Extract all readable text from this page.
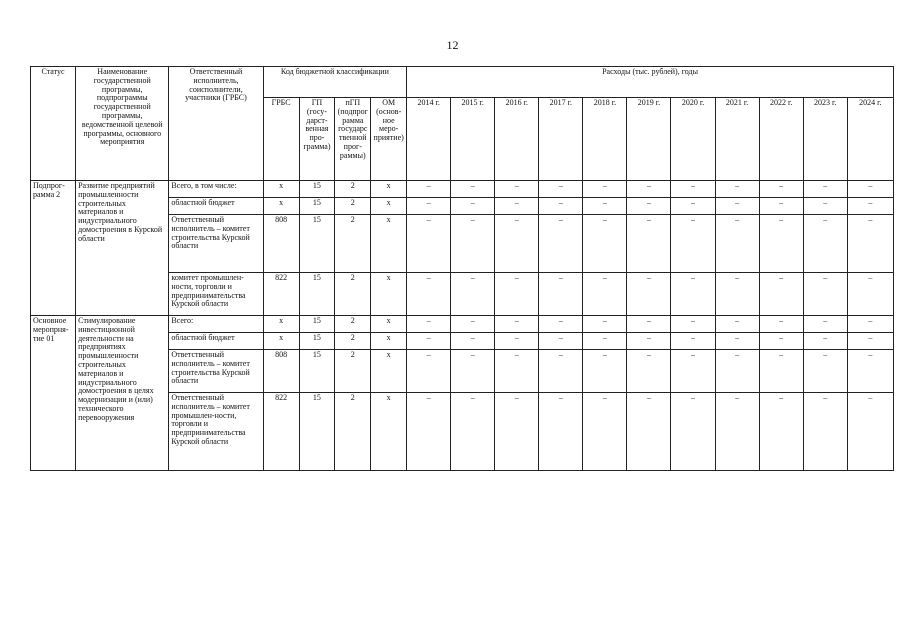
12
Статус	Наименование государственной программы, подпрограммы государственной программы, ведомственной целевой программы, основного мероприятия	Ответственный исполнитель, соисполнители, участники (ГРБС)	Код бюджетной классификации				Расходы (тыс. рублей), годы										
			ГРБС	ГП (госу-дарст-венная про-грамма)	пГП (подпрог рамма государс твенной прог-раммы)	ОМ (основ-ное меро-приятие)	2014 г.	2015 г.	2016 г.	2017 г.	2018 г.	2019 г.	2020 г.	2021 г.	2022 г.	2023 г.	2024 г.
Подпрог-рамма 2	Развитие предприятий промышленности строительных материалов и индустриального домостроения в Курской области	Всего, в том числе:	х	15	2	х	–	–	–	–	–	–	–	–	–	–	–
		областной бюджет	х	15	2	х	–	–	–	–	–	–	–	–	–	–	–
		Ответственный исполнитель – комитет строительства Курской области	808	15	2	х	–	–	–	–	–	–	–	–	–	–	–
		комитет промышлен-ности, торговли и предпринимательства Курской области	822	15	2	х	–	–	–	–	–	–	–	–	–	–	–
Основное меропрня-тие 01	Стимулирование инвестиционной деятельности на предприятиях промышленности строительных материалов и индустриального домостроения в целях модернизации и (или) технического перевооружения	Всего:	х	15	2	х	–	–	–	–	–	–	–	–	–	–	–
		областной бюджет	х	15	2	х	–	–	–	–	–	–	–	–	–	–	–
		Ответственный исполнитель – комитет строительства Курской области	808	15	2	х	–	–	–	–	–	–	–	–	–	–	–
		Ответственный исполнитель – комитет промышлен-ности, торговли и предпринимательства Курской области	822	15	2	х	–	–	–	–	–	–	–	–	–	–	–
